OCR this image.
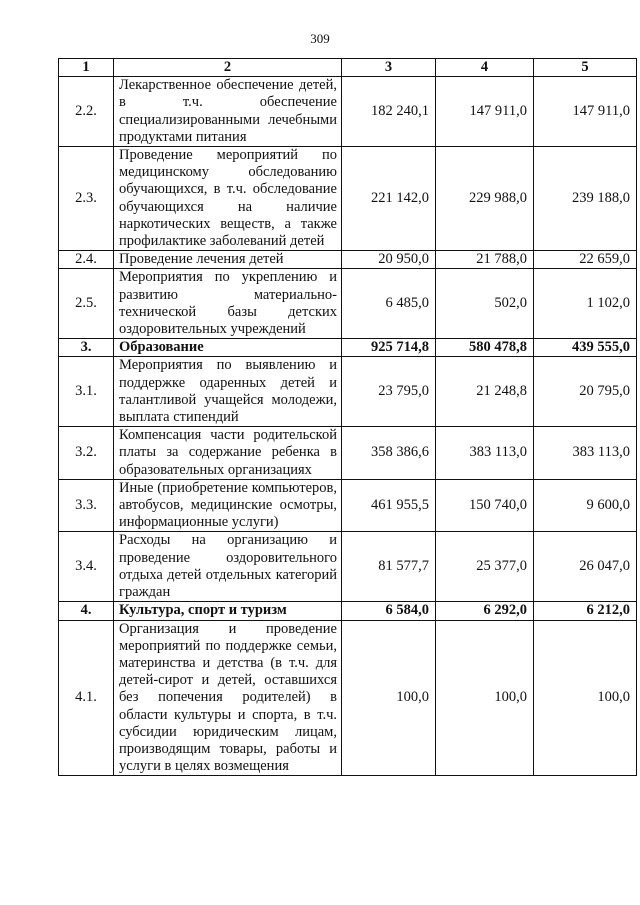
309
1	2	3	4	5
2.2.	Лекарственное обеспечение детей, в т.ч. обеспечение специализированными лечебными продуктами питания	182 240,1	147 911,0	147 911,0
2.3.	Проведение мероприятий по медицинскому обследованию обучающихся, в т.ч. обследование обучающихся на наличие наркотических веществ, а также профилактике заболеваний детей	221 142,0	229 988,0	239 188,0
2.4.	Проведение лечения детей	20 950,0	21 788,0	22 659,0
2.5.	Мероприятия по укреплению и развитию материально-технической базы детских оздоровительных учреждений	6 485,0	502,0	1 102,0
3.	Образование	925 714,8	580 478,8	439 555,0
3.1.	Мероприятия по выявлению и поддержке одаренных детей и талантливой учащейся молодежи, выплата стипендий	23 795,0	21 248,8	20 795,0
3.2.	Компенсация части родительской платы за содержание ребенка в образовательных организациях	358 386,6	383 113,0	383 113,0
3.3.	Иные (приобретение компьютеров, автобусов, медицинские осмотры, информационные услуги)	461 955,5	150 740,0	9 600,0
3.4.	Расходы на организацию и проведение оздоровительного отдыха детей отдельных категорий граждан	81 577,7	25 377,0	26 047,0
4.	Культура, спорт и туризм	6 584,0	6 292,0	6 212,0
4.1.	Организация и проведение мероприятий по поддержке семьи, материнства и детства (в т.ч. для детей-сирот и детей, оставшихся без попечения родителей) в области культуры и спорта, в т.ч. субсидии юридическим лицам, производящим товары, работы и услуги в целях возмещения	100,0	100,0	100,0
